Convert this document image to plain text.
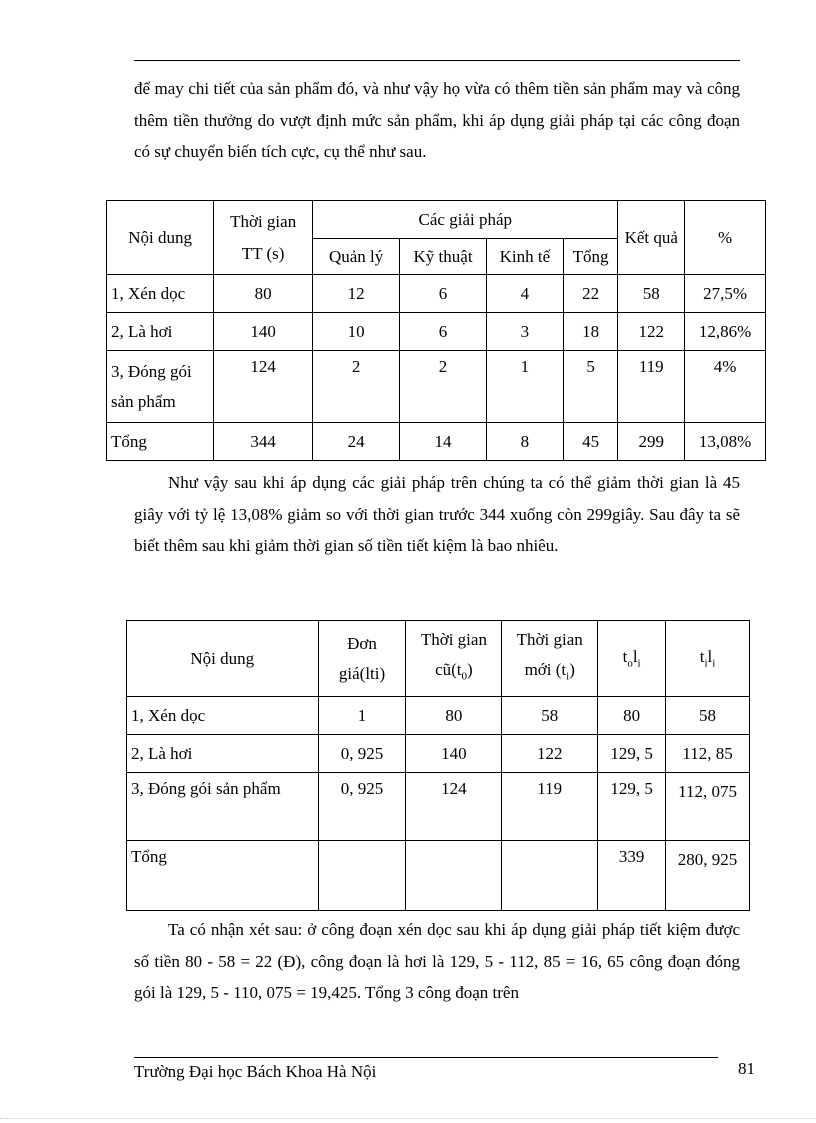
để may chi tiết của sản phẩm đó, và như vậy họ vừa có thêm tiền sản phẩm may và công thêm tiền thưởng do vượt định mức sản phẩm, khi áp dụng giải pháp tại các công đoạn có sự chuyển biến tích cực, cụ thể như sau.

Nội dung	Thời gian TT (s)	Các giải pháp				Kết quả	%
		Quản lý	Kỹ thuật	Kinh tế	Tổng		
1, Xén dọc	80	12	6	4	22	58	27,5%
2, Là hơi	140	10	6	3	18	122	12,86%
3, Đóng gói sản phẩm	124	2	2	1	5	119	4%
Tổng	344	24	14	8	45	299	13,08%

Như vậy sau khi áp dụng các giải pháp trên chúng ta có thể giảm thời gian là 45 giây với tỷ lệ 13,08% giảm so với thời gian trước 344 xuống còn 299giây. Sau đây ta sẽ biết thêm sau khi giảm thời gian số tiền tiết kiệm là bao nhiêu.

Nội dung	Đơn giá(lti)	Thời gian $cũ(t_0)$	Thời gian mới $(t_i)$	$t_ol_i$	$t_il_i$
1, Xén dọc	1	80	58	80	58
2, Là hơi	0, 925	140	122	129, 5	112, 85
3, Đóng gói sản phẩm	0, 925	124	119	129, 5	112, 075
Tổng				339	280, 925

Ta có nhận xét sau: ở công đoạn xén dọc sau khi áp dụng giải pháp tiết kiệm được số tiền 80 - 58 = 22 (Đ), công đoạn là hơi là 129, 5 - 112, 85 = 16, 65 công đoạn đóng gói là 129, 5 - 110, 075 = 19,425. Tổng 3 công đoạn trên

Trường Đại học Bách Khoa Hà Nội	81
